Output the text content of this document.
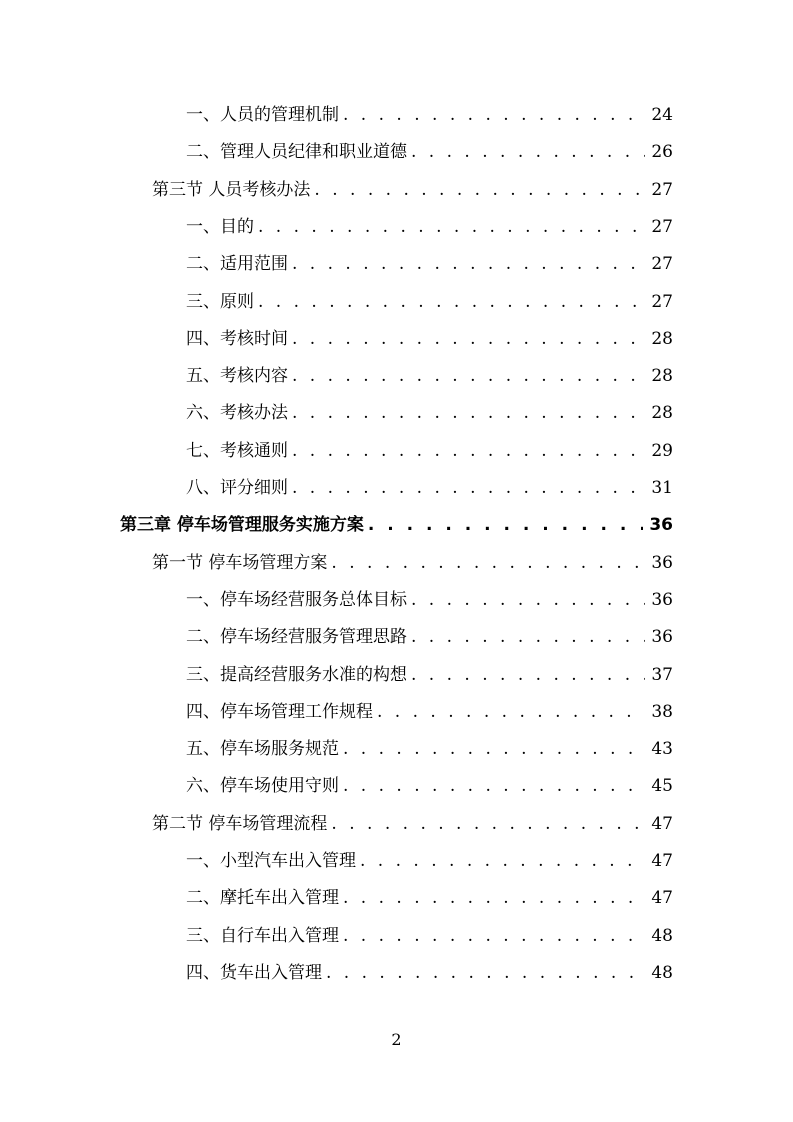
一、人员的管理机制 . . .	24
二、管理人员纪律和职业道德 . . .	26
第三节 人员考核办法 . . .	27
一、目的 . . .	27
二、适用范围 . . .	27
三、原则 . . .	27
四、考核时间 . . .	28
五、考核内容 . . .	28
六、考核办法 . . .	28
七、考核通则 . . .	29
八、评分细则 . . .	31
第三章 停车场管理服务实施方案 . . .	36
第一节 停车场管理方案 . . .	36
一、停车场经营服务总体目标 . . .	36
二、停车场经营服务管理思路 . . .	36
三、提高经营服务水准的构想 . . .	37
四、停车场管理工作规程 . . .	38
五、停车场服务规范 . . .	43
六、停车场使用守则 . . .	45
第二节 停车场管理流程 . . .	47
一、小型汽车出入管理 . . .	47
二、摩托车出入管理 . . .	47
三、自行车出入管理 . . .	48
四、货车出入管理 . . .	48
2
